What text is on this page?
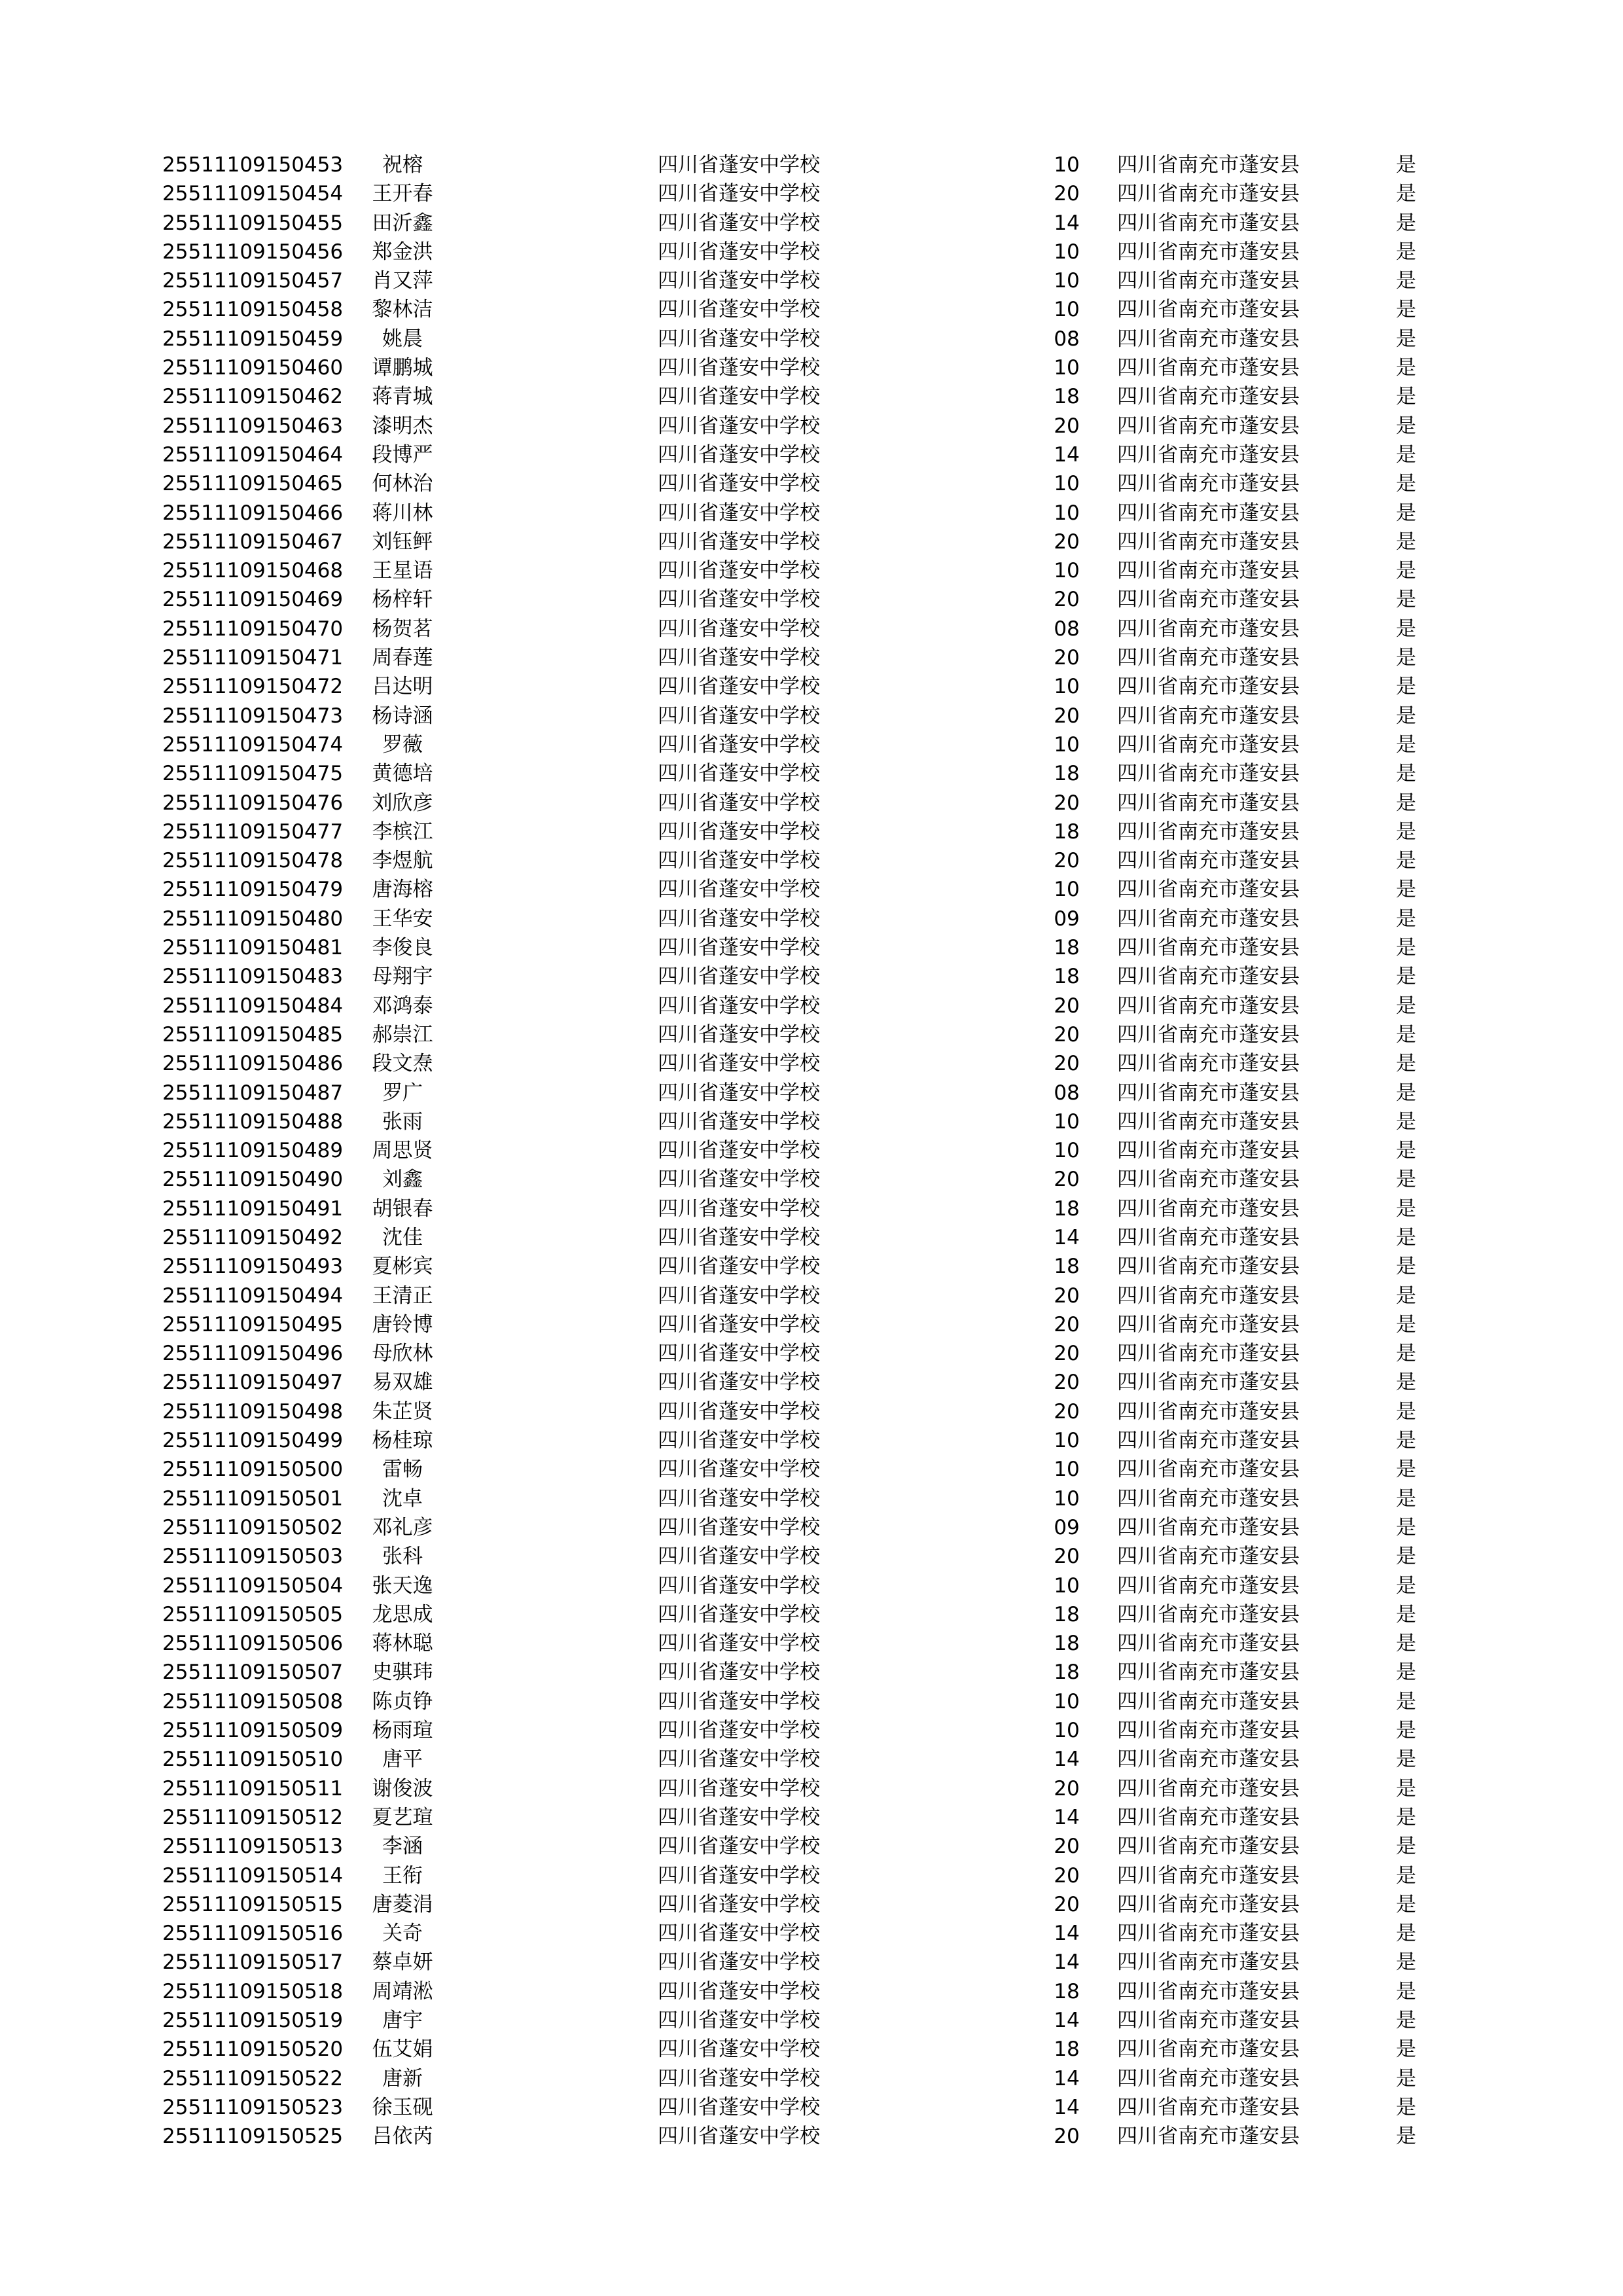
25511109150453	祝榕	四川省蓬安中学校	10	四川省南充市蓬安县	是
25511109150454	王开春	四川省蓬安中学校	20	四川省南充市蓬安县	是
25511109150455	田沂鑫	四川省蓬安中学校	14	四川省南充市蓬安县	是
25511109150456	郑金洪	四川省蓬安中学校	10	四川省南充市蓬安县	是
25511109150457	肖又萍	四川省蓬安中学校	10	四川省南充市蓬安县	是
25511109150458	黎林洁	四川省蓬安中学校	10	四川省南充市蓬安县	是
25511109150459	姚晨	四川省蓬安中学校	08	四川省南充市蓬安县	是
25511109150460	谭鹏城	四川省蓬安中学校	10	四川省南充市蓬安县	是
25511109150462	蒋青城	四川省蓬安中学校	18	四川省南充市蓬安县	是
25511109150463	漆明杰	四川省蓬安中学校	20	四川省南充市蓬安县	是
25511109150464	段博严	四川省蓬安中学校	14	四川省南充市蓬安县	是
25511109150465	何林治	四川省蓬安中学校	10	四川省南充市蓬安县	是
25511109150466	蒋川林	四川省蓬安中学校	10	四川省南充市蓬安县	是
25511109150467	刘钰鲆	四川省蓬安中学校	20	四川省南充市蓬安县	是
25511109150468	王星语	四川省蓬安中学校	10	四川省南充市蓬安县	是
25511109150469	杨梓轩	四川省蓬安中学校	20	四川省南充市蓬安县	是
25511109150470	杨贺茗	四川省蓬安中学校	08	四川省南充市蓬安县	是
25511109150471	周春莲	四川省蓬安中学校	20	四川省南充市蓬安县	是
25511109150472	吕达明	四川省蓬安中学校	10	四川省南充市蓬安县	是
25511109150473	杨诗涵	四川省蓬安中学校	20	四川省南充市蓬安县	是
25511109150474	罗薇	四川省蓬安中学校	10	四川省南充市蓬安县	是
25511109150475	黄德培	四川省蓬安中学校	18	四川省南充市蓬安县	是
25511109150476	刘欣彦	四川省蓬安中学校	20	四川省南充市蓬安县	是
25511109150477	李槟江	四川省蓬安中学校	18	四川省南充市蓬安县	是
25511109150478	李煜航	四川省蓬安中学校	20	四川省南充市蓬安县	是
25511109150479	唐海榕	四川省蓬安中学校	10	四川省南充市蓬安县	是
25511109150480	王华安	四川省蓬安中学校	09	四川省南充市蓬安县	是
25511109150481	李俊良	四川省蓬安中学校	18	四川省南充市蓬安县	是
25511109150483	母翔宇	四川省蓬安中学校	18	四川省南充市蓬安县	是
25511109150484	邓鸿泰	四川省蓬安中学校	20	四川省南充市蓬安县	是
25511109150485	郝崇江	四川省蓬安中学校	20	四川省南充市蓬安县	是
25511109150486	段文焘	四川省蓬安中学校	20	四川省南充市蓬安县	是
25511109150487	罗广	四川省蓬安中学校	08	四川省南充市蓬安县	是
25511109150488	张雨	四川省蓬安中学校	10	四川省南充市蓬安县	是
25511109150489	周思贤	四川省蓬安中学校	10	四川省南充市蓬安县	是
25511109150490	刘鑫	四川省蓬安中学校	20	四川省南充市蓬安县	是
25511109150491	胡银春	四川省蓬安中学校	18	四川省南充市蓬安县	是
25511109150492	沈佳	四川省蓬安中学校	14	四川省南充市蓬安县	是
25511109150493	夏彬宾	四川省蓬安中学校	18	四川省南充市蓬安县	是
25511109150494	王清正	四川省蓬安中学校	20	四川省南充市蓬安县	是
25511109150495	唐铃博	四川省蓬安中学校	20	四川省南充市蓬安县	是
25511109150496	母欣林	四川省蓬安中学校	20	四川省南充市蓬安县	是
25511109150497	易双雄	四川省蓬安中学校	20	四川省南充市蓬安县	是
25511109150498	朱芷贤	四川省蓬安中学校	20	四川省南充市蓬安县	是
25511109150499	杨桂琼	四川省蓬安中学校	10	四川省南充市蓬安县	是
25511109150500	雷畅	四川省蓬安中学校	10	四川省南充市蓬安县	是
25511109150501	沈卓	四川省蓬安中学校	10	四川省南充市蓬安县	是
25511109150502	邓礼彦	四川省蓬安中学校	09	四川省南充市蓬安县	是
25511109150503	张科	四川省蓬安中学校	20	四川省南充市蓬安县	是
25511109150504	张天逸	四川省蓬安中学校	10	四川省南充市蓬安县	是
25511109150505	龙思成	四川省蓬安中学校	18	四川省南充市蓬安县	是
25511109150506	蒋林聪	四川省蓬安中学校	18	四川省南充市蓬安县	是
25511109150507	史骐玮	四川省蓬安中学校	18	四川省南充市蓬安县	是
25511109150508	陈贞铮	四川省蓬安中学校	10	四川省南充市蓬安县	是
25511109150509	杨雨瑄	四川省蓬安中学校	10	四川省南充市蓬安县	是
25511109150510	唐平	四川省蓬安中学校	14	四川省南充市蓬安县	是
25511109150511	谢俊波	四川省蓬安中学校	20	四川省南充市蓬安县	是
25511109150512	夏艺瑄	四川省蓬安中学校	14	四川省南充市蓬安县	是
25511109150513	李涵	四川省蓬安中学校	20	四川省南充市蓬安县	是
25511109150514	王衔	四川省蓬安中学校	20	四川省南充市蓬安县	是
25511109150515	唐菱涓	四川省蓬安中学校	20	四川省南充市蓬安县	是
25511109150516	关奇	四川省蓬安中学校	14	四川省南充市蓬安县	是
25511109150517	蔡卓妍	四川省蓬安中学校	14	四川省南充市蓬安县	是
25511109150518	周靖淞	四川省蓬安中学校	18	四川省南充市蓬安县	是
25511109150519	唐宇	四川省蓬安中学校	14	四川省南充市蓬安县	是
25511109150520	伍艾娟	四川省蓬安中学校	18	四川省南充市蓬安县	是
25511109150522	唐新	四川省蓬安中学校	14	四川省南充市蓬安县	是
25511109150523	徐玉砚	四川省蓬安中学校	14	四川省南充市蓬安县	是
25511109150525	吕依芮	四川省蓬安中学校	20	四川省南充市蓬安县	是
